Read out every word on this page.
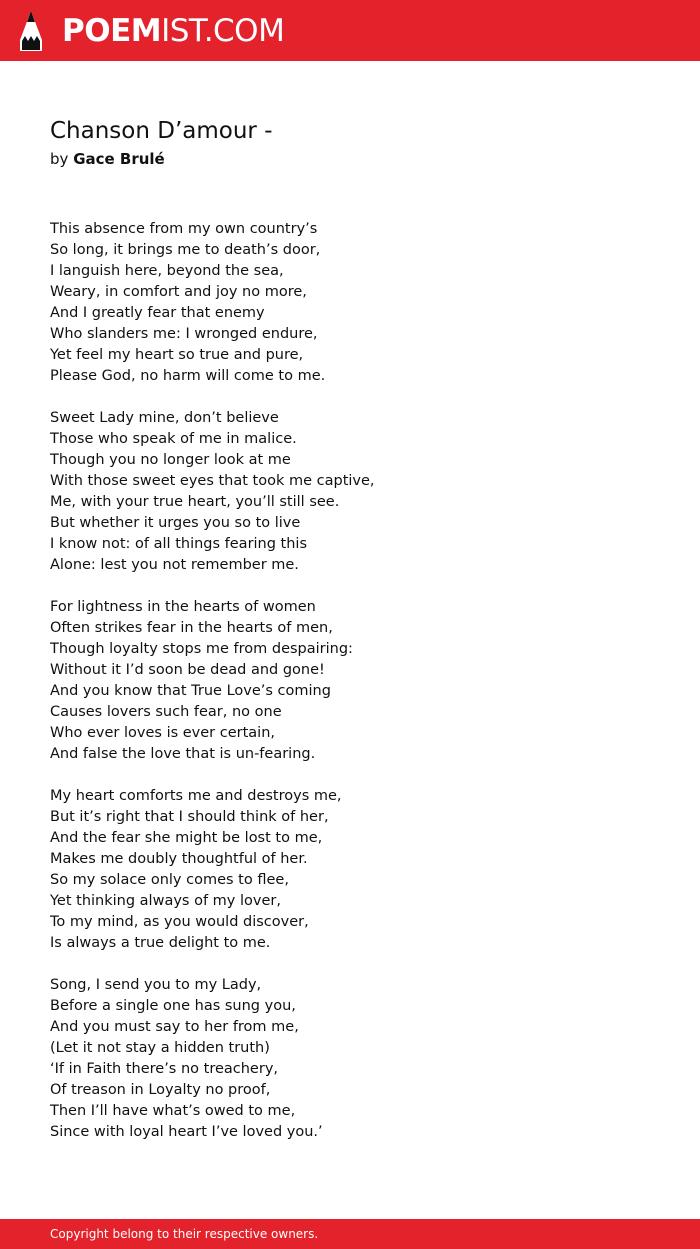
POEMIST.COM
Chanson D’amour -
by Gace Brulé
This absence from my own country’s
So long, it brings me to death’s door,
I languish here, beyond the sea,
Weary, in comfort and joy no more,
And I greatly fear that enemy
Who slanders me: I wronged endure,
Yet feel my heart so true and pure,
Please God, no harm will come to me.
Sweet Lady mine, don’t believe
Those who speak of me in malice.
Though you no longer look at me
With those sweet eyes that took me captive,
Me, with your true heart, you’ll still see.
But whether it urges you so to live
I know not: of all things fearing this
Alone: lest you not remember me.
For lightness in the hearts of women
Often strikes fear in the hearts of men,
Though loyalty stops me from despairing:
Without it I’d soon be dead and gone!
And you know that True Love’s coming
Causes lovers such fear, no one
Who ever loves is ever certain,
And false the love that is un-fearing.
My heart comforts me and destroys me,
But it’s right that I should think of her,
And the fear she might be lost to me,
Makes me doubly thoughtful of her.
So my solace only comes to flee,
Yet thinking always of my lover,
To my mind, as you would discover,
Is always a true delight to me.
Song, I send you to my Lady,
Before a single one has sung you,
And you must say to her from me,
(Let it not stay a hidden truth)
‘If in Faith there’s no treachery,
Of treason in Loyalty no proof,
Then I’ll have what’s owed to me,
Since with loyal heart I’ve loved you.’
Copyright belong to their respective owners.
